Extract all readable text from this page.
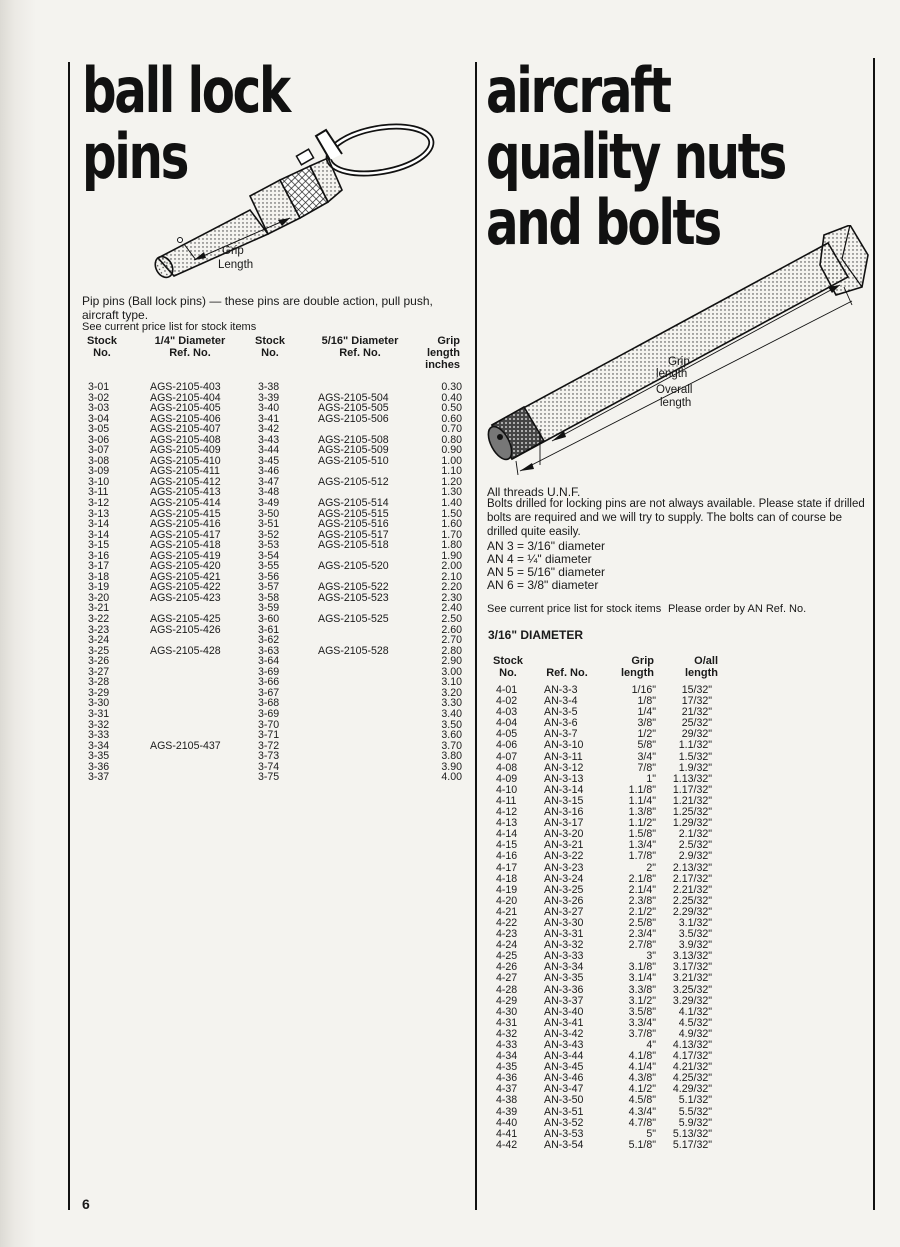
ball lock
pins
Grip
Length
Pip pins (Ball lock pins) — these pins are double action, pull push, aircraft type.
See current price list for stock items
Stock
No.
1/4" Diameter
Ref. No.
Stock
No.
5/16" Diameter
Ref. No.
Grip
length
inches
3-01	AGS-2105-403	3-38		0.30
3-02	AGS-2105-404	3-39	AGS-2105-504	0.40
3-03	AGS-2105-405	3-40	AGS-2105-505	0.50
3-04	AGS-2105-406	3-41	AGS-2105-506	0.60
3-05	AGS-2105-407	3-42		0.70
3-06	AGS-2105-408	3-43	AGS-2105-508	0.80
3-07	AGS-2105-409	3-44	AGS-2105-509	0.90
3-08	AGS-2105-410	3-45	AGS-2105-510	1.00
3-09	AGS-2105-411	3-46		1.10
3-10	AGS-2105-412	3-47	AGS-2105-512	1.20
3-11	AGS-2105-413	3-48		1.30
3-12	AGS-2105-414	3-49	AGS-2105-514	1.40
3-13	AGS-2105-415	3-50	AGS-2105-515	1.50
3-14	AGS-2105-416	3-51	AGS-2105-516	1.60
3-14	AGS-2105-417	3-52	AGS-2105-517	1.70
3-15	AGS-2105-418	3-53	AGS-2105-518	1.80
3-16	AGS-2105-419	3-54		1.90
3-17	AGS-2105-420	3-55	AGS-2105-520	2.00
3-18	AGS-2105-421	3-56		2.10
3-19	AGS-2105-422	3-57	AGS-2105-522	2.20
3-20	AGS-2105-423	3-58	AGS-2105-523	2.30
3-21		3-59		2.40
3-22	AGS-2105-425	3-60	AGS-2105-525	2.50
3-23	AGS-2105-426	3-61		2.60
3-24		3-62		2.70
3-25	AGS-2105-428	3-63	AGS-2105-528	2.80
3-26		3-64		2.90
3-27		3-69		3.00
3-28		3-66		3.10
3-29		3-67		3.20
3-30		3-68		3.30
3-31		3-69		3.40
3-32		3-70		3.50
3-33		3-71		3.60
3-34	AGS-2105-437	3-72		3.70
3-35		3-73		3.80
3-36		3-74		3.90
3-37		3-75		4.00
aircraft
quality nuts
and bolts
Grip
length
Overall
length
All threads U.N.F.
Bolts drilled for locking pins are not always available. Please state if drilled bolts are required and we will try to supply. The bolts can of course be drilled quite easily.
AN 3 = 3/16" diameter
AN 4 = ¼" diameter
AN 5 = 5/16" diameter
AN 6 = 3/8" diameter
See current price list for stock items Please order by AN Ref. No.
3/16" DIAMETER
Stock
No.
	Ref. No.
Grip
length
O/all
length
4-01	AN-3-3	1/16"	15/32"
4-02	AN-3-4	1/8"	17/32"
4-03	AN-3-5	1/4"	21/32"
4-04	AN-3-6	3/8"	25/32"
4-05	AN-3-7	1/2"	29/32"
4-06	AN-3-10	5/8"	1.1/32"
4-07	AN-3-11	3/4"	1.5/32"
4-08	AN-3-12	7/8"	1.9/32"
4-09	AN-3-13	1"	1.13/32"
4-10	AN-3-14	1.1/8"	1.17/32"
4-11	AN-3-15	1.1/4"	1.21/32"
4-12	AN-3-16	1.3/8"	1.25/32"
4-13	AN-3-17	1.1/2"	1.29/32"
4-14	AN-3-20	1.5/8"	2.1/32"
4-15	AN-3-21	1.3/4"	2.5/32"
4-16	AN-3-22	1.7/8"	2.9/32"
4-17	AN-3-23	2"	2.13/32"
4-18	AN-3-24	2.1/8"	2.17/32"
4-19	AN-3-25	2.1/4"	2.21/32"
4-20	AN-3-26	2.3/8"	2.25/32"
4-21	AN-3-27	2.1/2"	2.29/32"
4-22	AN-3-30	2.5/8"	3.1/32"
4-23	AN-3-31	2.3/4"	3.5/32"
4-24	AN-3-32	2.7/8"	3.9/32"
4-25	AN-3-33	3"	3.13/32"
4-26	AN-3-34	3.1/8"	3.17/32"
4-27	AN-3-35	3.1/4"	3.21/32"
4-28	AN-3-36	3.3/8"	3.25/32"
4-29	AN-3-37	3.1/2"	3.29/32"
4-30	AN-3-40	3.5/8"	4.1/32"
4-31	AN-3-41	3.3/4"	4.5/32"
4-32	AN-3-42	3.7/8"	4.9/32"
4-33	AN-3-43	4"	4.13/32"
4-34	AN-3-44	4.1/8"	4.17/32"
4-35	AN-3-45	4.1/4"	4.21/32"
4-36	AN-3-46	4.3/8"	4.25/32"
4-37	AN-3-47	4.1/2"	4.29/32"
4-38	AN-3-50	4.5/8"	5.1/32"
4-39	AN-3-51	4.3/4"	5.5/32"
4-40	AN-3-52	4.7/8"	5.9/32"
4-41	AN-3-53	5"	5.13/32"
4-42	AN-3-54	5.1/8"	5.17/32"
6
